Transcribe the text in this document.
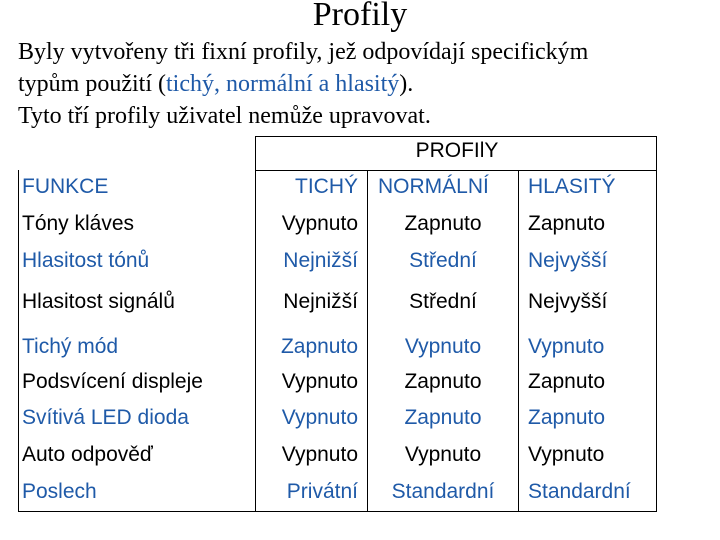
Profily
Byly vytvořeny tři fixní profily, jež odpovídají specifickým
typům použití (tichý, normální a hlasitý).
Tyto tří profily uživatel nemůže upravovat.
PROFIlY
FUNKCE	TICHÝ NORMÁLNÍ HLASITÝ
Tóny kláves	Vypnuto Zapnuto Zapnuto
Hlasitost tónů	Nejnižší Střední Nejvyšší
Hlasitost signálů	Nejnižší Střední Nejvyšší
Tichý mód	Zapnuto Vypnuto Vypnuto
Podsvícení displeje	Vypnuto Zapnuto Zapnuto
Svítivá LED dioda	Vypnuto Zapnuto Zapnuto
Auto odpověď	Vypnuto Vypnuto Vypnuto
Poslech	Privátní Standardní Standardní
